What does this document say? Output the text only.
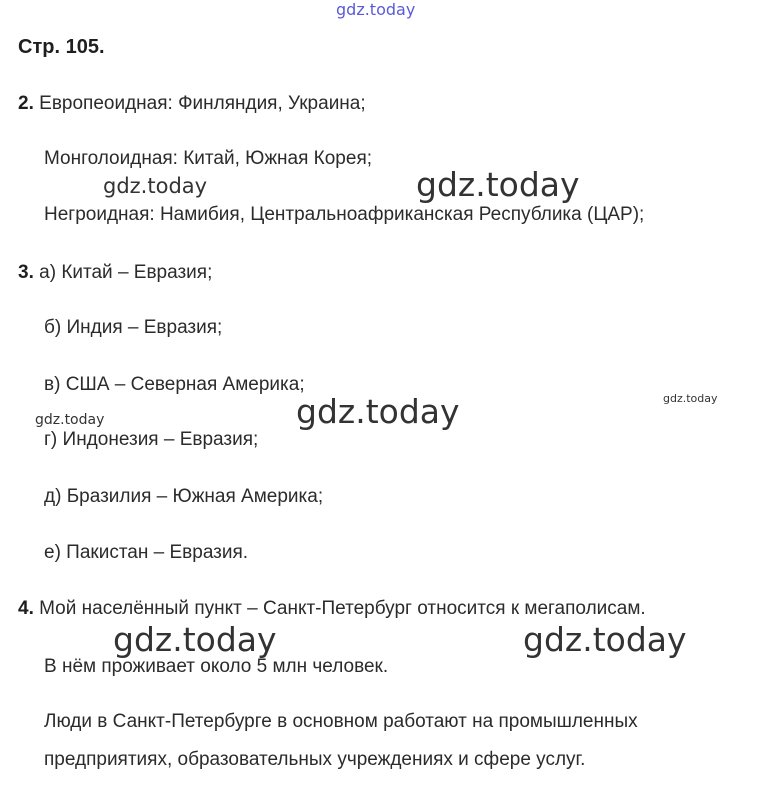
gdz.today
Стр. 105.
2. Европеоидная: Финляндия, Украина;
Монголоидная: Китай, Южная Корея;
Негроидная: Намибия, Центральноафриканская Республика (ЦАР);
3. а) Китай – Евразия;
б) Индия – Евразия;
в) США – Северная Америка;
г) Индонезия – Евразия;
д) Бразилия – Южная Америка;
е) Пакистан – Евразия.
4. Мой населённый пункт – Санкт-Петербург относится к мегаполисам.
В нём проживает около 5 млн человек.
Люди в Санкт-Петербурге в основном работают на промышленных
предприятиях, образовательных учреждениях и сфере услуг.
gdz.today	gdz.today
gdz.today
gdz.today
gdz.today
gdz.today	gdz.today
